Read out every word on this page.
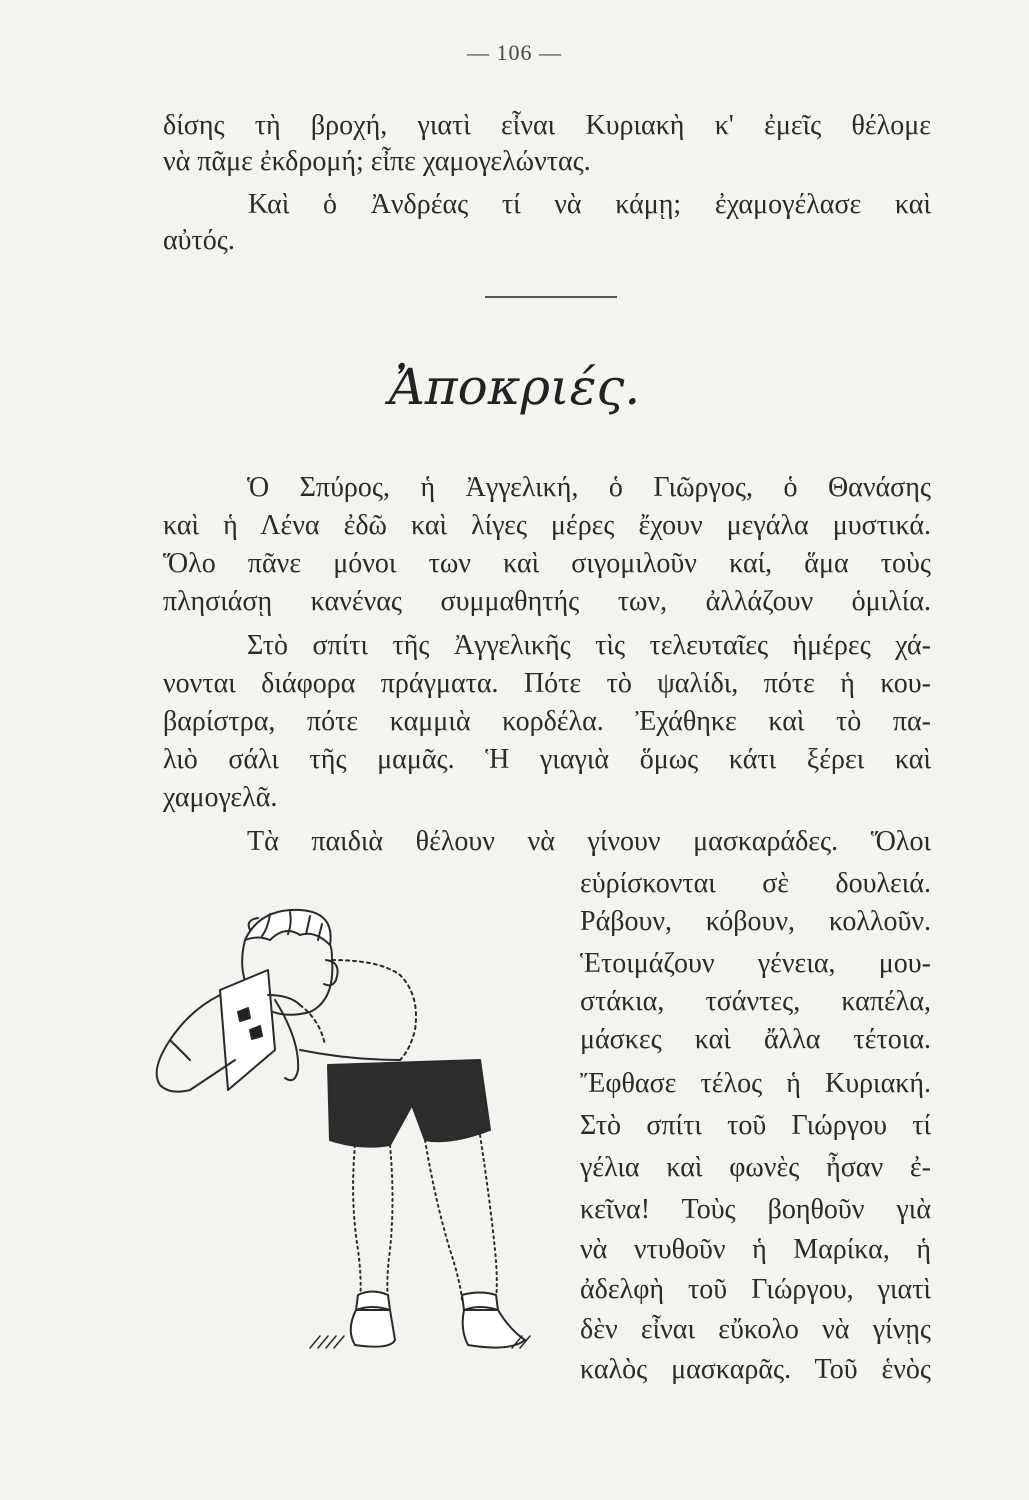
— 106 —
δίσης τὴ βροχή, γιατὶ εἶναι Κυριακὴ κ' ἐμεῖς θέλομε
νὰ πᾶμε ἐκδρομή; εἶπε χαμογελώντας.
Καὶ ὁ Ἀνδρέας τί νὰ κάμῃ; ἐχαμογέλασε καὶ
αὐτός.
Ἀποκριές.
Ὁ Σπύρος, ἡ Ἀγγελική, ὁ Γιῶργος, ὁ Θανάσης
καὶ ἡ Λένα ἐδῶ καὶ λίγες μέρες ἔχουν μεγάλα μυστικά.
Ὅλο πᾶνε μόνοι των καὶ σιγομιλοῦν καί, ἅμα τοὺς
πλησιάσῃ κανένας συμμαθητής των, ἀλλάζουν ὁμιλία.
Στὸ σπίτι τῆς Ἀγγελικῆς τὶς τελευταῖες ἡμέρες χά-
νονται διάφορα πράγματα. Πότε τὸ ψαλίδι, πότε ἡ κου-
βαρίστρα, πότε καμμιὰ κορδέλα. Ἐχάθηκε καὶ τὸ πα-
λιὸ σάλι τῆς μαμᾶς. Ἡ γιαγιὰ ὅμως κάτι ξέρει καὶ
χαμογελᾶ.
Τὰ παιδιὰ θέλουν νὰ γίνουν μασκαράδες. Ὅλοι
εὑρίσκονται σὲ δουλειά.
Ράβουν, κόβουν, κολλοῦν.
Ἑτοιμάζουν γένεια, μου-
στάκια, τσάντες, καπέλα,
μάσκες καὶ ἄλλα τέτοια.
Ἔφθασε τέλος ἡ Κυριακή.
Στὸ σπίτι τοῦ Γιώργου τί
γέλια καὶ φωνὲς ἦσαν ἐ-
κεῖνα! Τοὺς βοηθοῦν γιὰ
νὰ ντυθοῦν ἡ Μαρίκα, ἡ
ἀδελφὴ τοῦ Γιώργου, γιατὶ
δὲν εἶναι εὔκολο νὰ γίνῃς
καλὸς μασκαρᾶς. Τοῦ ἑνὸς
